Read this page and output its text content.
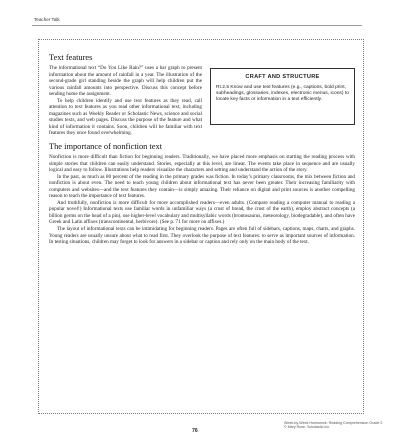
Teacher Talk
Text features
CRAFT AND STRUCTURE
RI.2.5 Know and use text features (e.g., captions, bold print, subheadings, glossaries, indexes, electronic menus, icons) to locate key facts or information in a text efficiently.

The informational text “Do You Like Rain?” uses a bar graph to present information about the amount of rainfall in a year. The illustration of the second-grade girl standing beside the graph will help children put the various rainfall amounts into perspective. Discuss this concept before sending home the assignment.

To help children identify and use text features as they read, call attention to text features as you read other informational text, including magazines such as Weekly Reader or Scholastic News, science and social studies texts, and web pages. Discuss the purpose of the feature and what kind of information it contains. Soon, children will be familiar with text features they once found overwhelming.

The importance of nonfiction text

Nonfiction is more difficult than fiction for beginning readers. Traditionally, we have placed more emphasis on starting the reading process with simple stories that children can easily understand. Stories, especially at this level, are linear. The events take place in sequence and are usually logical and easy to follow. Illustrations help readers visualize the characters and setting and understand the action of the story.

In the past, as much as 80 percent of the reading in the primary grades was fiction. In today’s primary classrooms, the mix between fiction and nonfiction is about even. The need to teach young children about informational text has never been greater. Their increasing familiarity with computers and websites—and the text features they contain—is simply amazing. Their reliance on digital and print sources is another compelling reason to teach the importance of text features.

And truthfully, nonfiction is more difficult for more accomplished readers—even adults. (Compare reading a computer manual to reading a popular novel!) Informational texts use familiar words in unfamiliar ways (a crust of bread, the crust of the earth), employ abstract concepts (a billion germs on the head of a pin), use higher-level vocabulary and multisyllabic words (brontosaurus, meteorology, biodegradable), and often have Greek and Latin affixes (transcontinental, herbivore). (See p. 71 for more on affixes.)

The layout of informational texts can be intimidating for beginning readers. Pages are often full of sidebars, captions, maps, charts, and graphs. Young readers are usually unsure about what to read first. They overlook the purpose of text features: to serve as important sources of information. In testing situations, children may forget to look for answers in a sidebar or caption and rely only on the main body of the text.

76
Week-by-Week Homework: Reading Comprehension Grade 2
© Mary Rose, Scholastic Inc.
